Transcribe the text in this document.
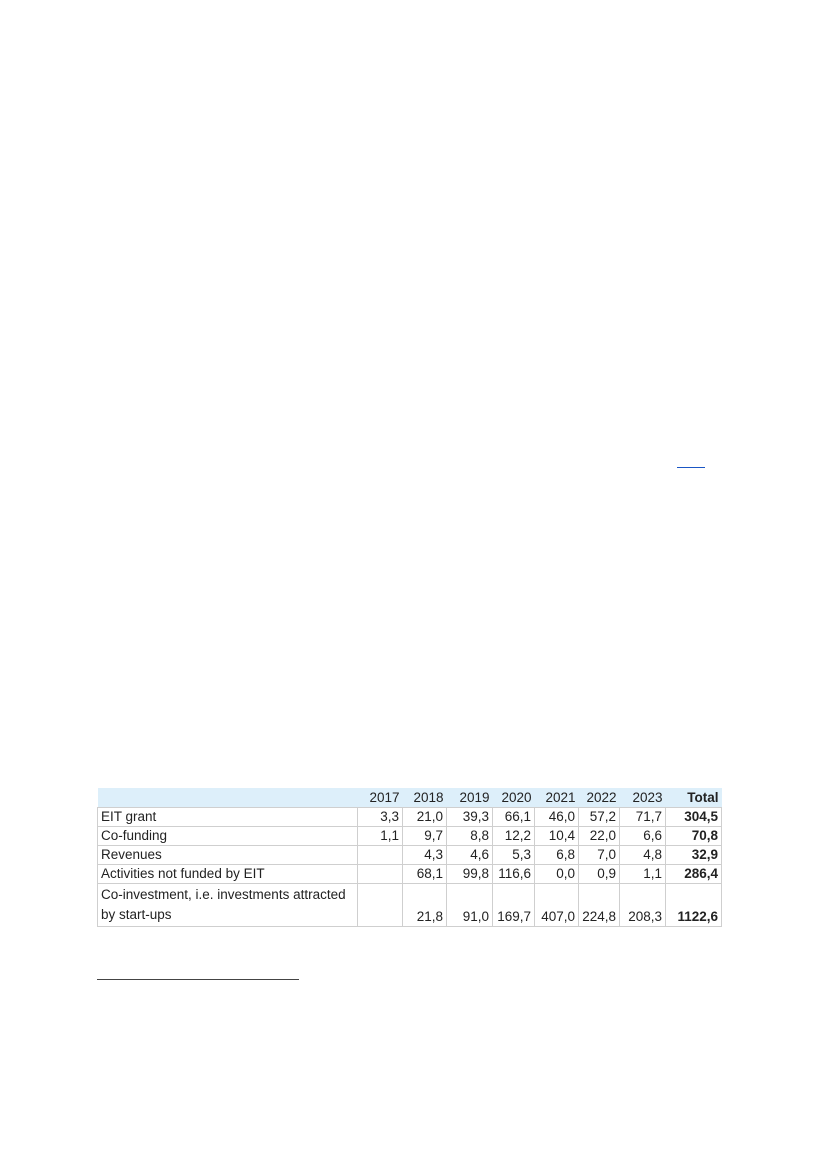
	2017	2018	2019	2020	2021	2022	2023	Total
EIT grant	3,3	21,0	39,3	66,1	46,0	57,2	71,7	304,5
Co-funding	1,1	9,7	8,8	12,2	10,4	22,0	6,6	70,8
Revenues		4,3	4,6	5,3	6,8	7,0	4,8	32,9
Activities not funded by EIT		68,1	99,8	116,6	0,0	0,9	1,1	286,4
Co-investment, i.e. investments attracted by start-ups		21,8	91,0	169,7	407,0	224,8	208,3	1122,6
